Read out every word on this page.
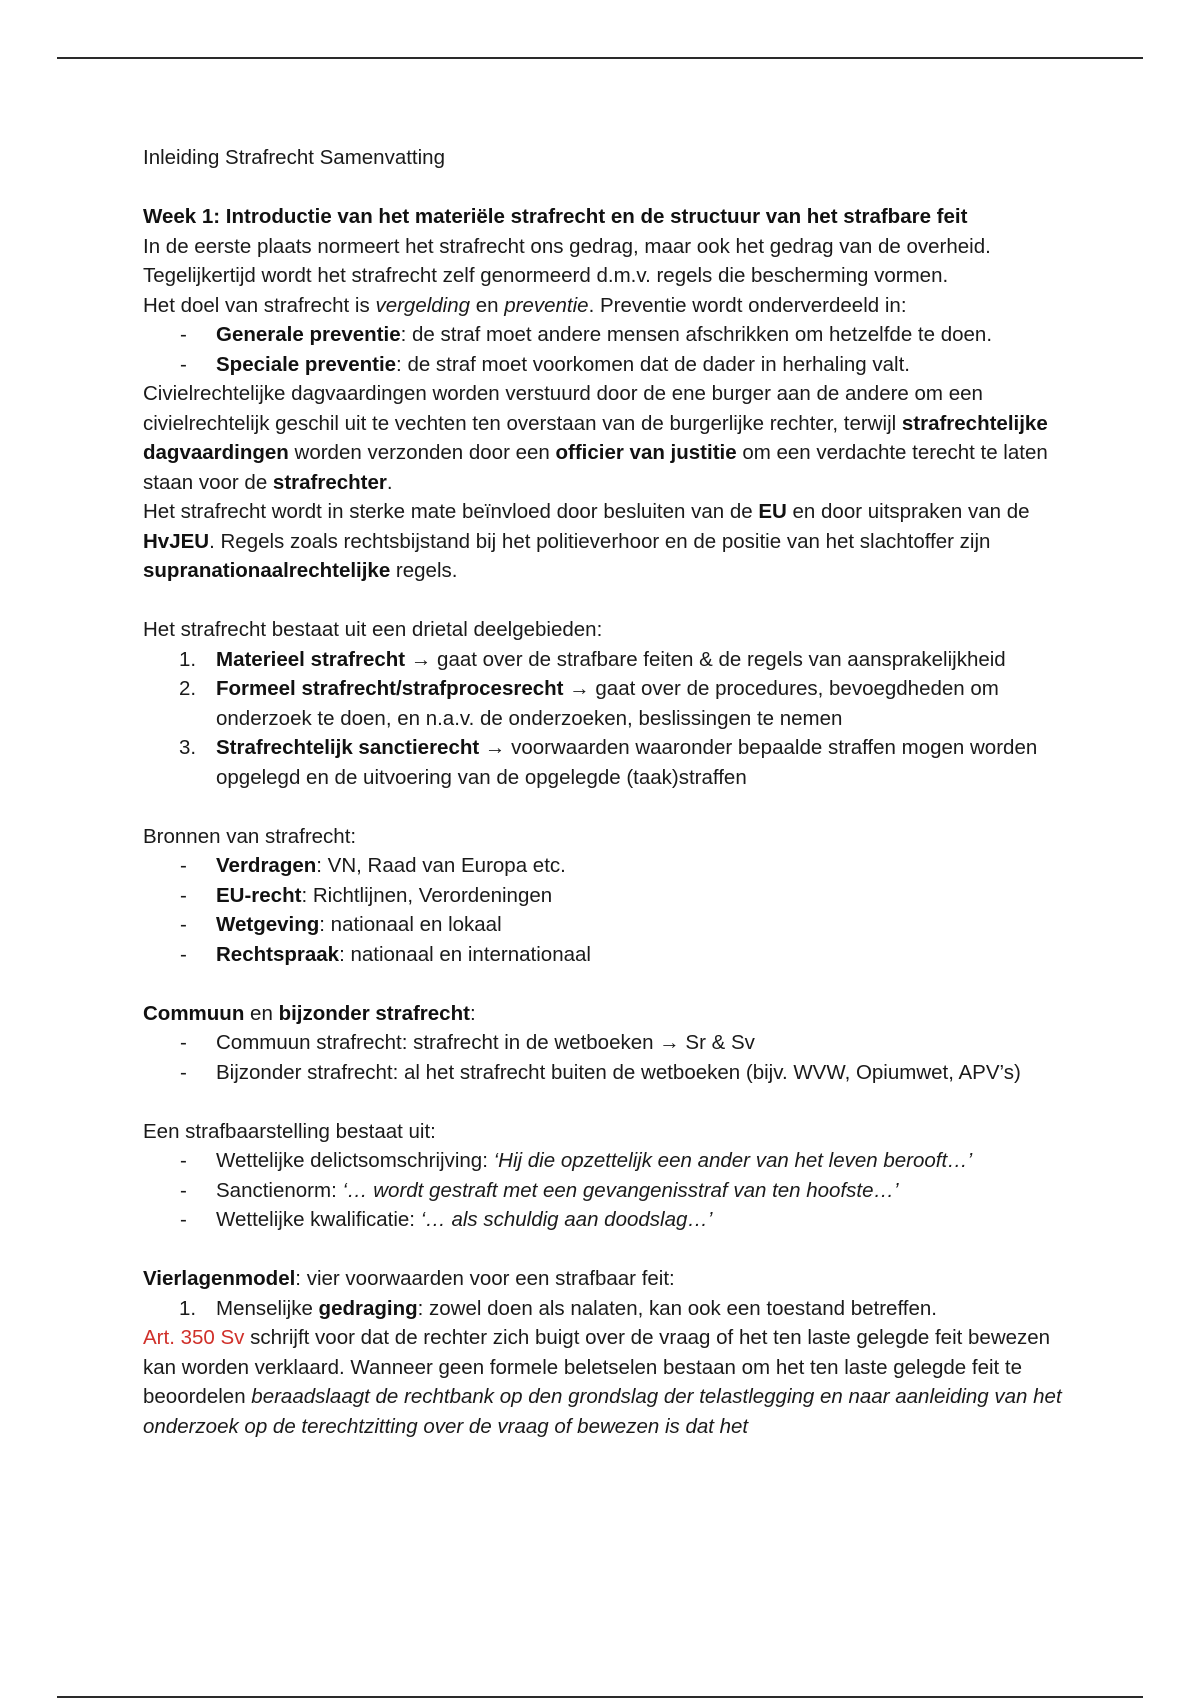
Inleiding Strafrecht Samenvatting

Week 1: Introductie van het materiële strafrecht en de structuur van het strafbare feit

In de eerste plaats normeert het strafrecht ons gedrag, maar ook het gedrag van de overheid. Tegelijkertijd wordt het strafrecht zelf genormeerd d.m.v. regels die bescherming vormen.

Het doel van strafrecht is vergelding en preventie. Preventie wordt onderverdeeld in:

- Generale preventie: de straf moet andere mensen afschrikken om hetzelfde te doen.
- Speciale preventie: de straf moet voorkomen dat de dader in herhaling valt.

Civielrechtelijke dagvaardingen worden verstuurd door de ene burger aan de andere om een civielrechtelijk geschil uit te vechten ten overstaan van de burgerlijke rechter, terwijl strafrechtelijke dagvaardingen worden verzonden door een officier van justitie om een verdachte terecht te laten staan voor de strafrechter.

Het strafrecht wordt in sterke mate beïnvloed door besluiten van de EU en door uitspraken van de HvJEU. Regels zoals rechtsbijstand bij het politieverhoor en de positie van het slachtoffer zijn supranationaalrechtelijke regels.

Het strafrecht bestaat uit een drietal deelgebieden:

1. Materieel strafrecht → gaat over de strafbare feiten & de regels van aansprakelijkheid
2. Formeel strafrecht/strafprocesrecht → gaat over de procedures, bevoegdheden om onderzoek te doen, en n.a.v. de onderzoeken, beslissingen te nemen
3. Strafrechtelijk sanctierecht → voorwaarden waaronder bepaalde straffen mogen worden opgelegd en de uitvoering van de opgelegde (taak)straffen

Bronnen van strafrecht:

- Verdragen: VN, Raad van Europa etc.
- EU-recht: Richtlijnen, Verordeningen
- Wetgeving: nationaal en lokaal
- Rechtspraak: nationaal en internationaal

Commuun en bijzonder strafrecht:

- Commuun strafrecht: strafrecht in de wetboeken → Sr & Sv
- Bijzonder strafrecht: al het strafrecht buiten de wetboeken (bijv. WVW, Opiumwet, APV’s)

Een strafbaarstelling bestaat uit:

- Wettelijke delictsomschrijving: ‘Hij die opzettelijk een ander van het leven berooft…’
- Sanctienorm: ‘… wordt gestraft met een gevangenisstraf van ten hoofste…’
- Wettelijke kwalificatie: ‘… als schuldig aan doodslag…’

Vierlagenmodel: vier voorwaarden voor een strafbaar feit:

1. Menselijke gedraging: zowel doen als nalaten, kan ook een toestand betreffen.

Art. 350 Sv schrijft voor dat de rechter zich buigt over de vraag of het ten laste gelegde feit bewezen kan worden verklaard. Wanneer geen formele beletselen bestaan om het ten laste gelegde feit te beoordelen beraadslaagt de rechtbank op den grondslag der telastlegging en naar aanleiding van het onderzoek op de terechtzitting over de vraag of bewezen is dat het
